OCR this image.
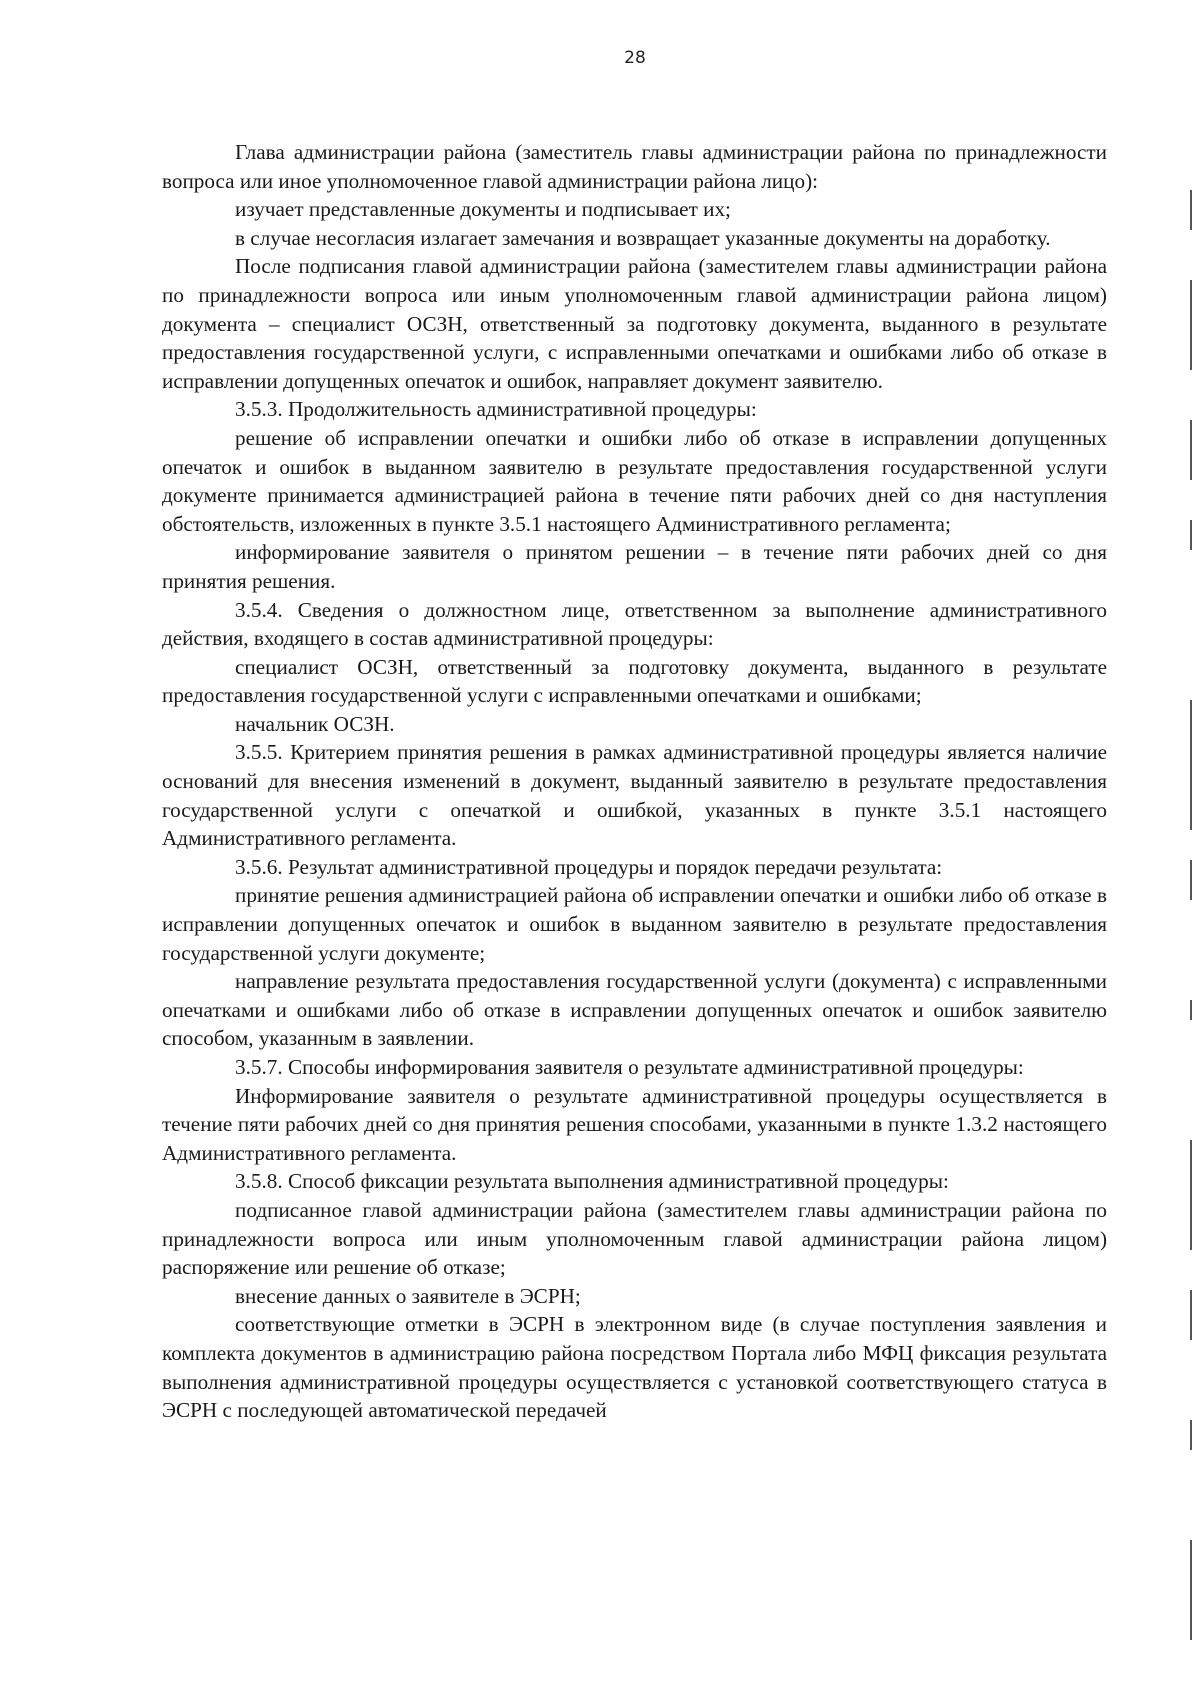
28

Глава администрации района (заместитель главы администрации района по принадлежности вопроса или иное уполномоченное главой администрации района лицо):

изучает представленные документы и подписывает их;

в случае несогласия излагает замечания и возвращает указанные документы на доработку.

После подписания главой администрации района (заместителем главы администрации района по принадлежности вопроса или иным уполномоченным главой администрации района лицом) документа – специалист ОСЗН, ответственный за подготовку документа, выданного в результате предоставления государственной услуги, с исправленными опечатками и ошибками либо об отказе в исправлении допущенных опечаток и ошибок, направляет документ заявителю.

3.5.3. Продолжительность административной процедуры:

решение об исправлении опечатки и ошибки либо об отказе в исправлении допущенных опечаток и ошибок в выданном заявителю в результате предоставления государственной услуги документе принимается администрацией района в течение пяти рабочих дней со дня наступления обстоятельств, изложенных в пункте 3.5.1 настоящего Административного регламента;

информирование заявителя о принятом решении – в течение пяти рабочих дней со дня принятия решения.

3.5.4. Сведения о должностном лице, ответственном за выполнение административного действия, входящего в состав административной процедуры:

специалист ОСЗН, ответственный за подготовку документа, выданного в результате предоставления государственной услуги с исправленными опечатками и ошибками;

начальник ОСЗН.

3.5.5. Критерием принятия решения в рамках административной процедуры является наличие оснований для внесения изменений в документ, выданный заявителю в результате предоставления государственной услуги с опечаткой и ошибкой, указанных в пункте 3.5.1 настоящего Административного регламента.

3.5.6. Результат административной процедуры и порядок передачи результата:

принятие решения администрацией района об исправлении опечатки и ошибки либо об отказе в исправлении допущенных опечаток и ошибок в выданном заявителю в результате предоставления государственной услуги документе;

направление результата предоставления государственной услуги (документа) с исправленными опечатками и ошибками либо об отказе в исправлении допущенных опечаток и ошибок заявителю способом, указанным в заявлении.

3.5.7. Способы информирования заявителя о результате административной процедуры:

Информирование заявителя о результате административной процедуры осуществляется в течение пяти рабочих дней со дня принятия решения способами, указанными в пункте 1.3.2 настоящего Административного регламента.

3.5.8. Способ фиксации результата выполнения административной процедуры:

подписанное главой администрации района (заместителем главы администрации района по принадлежности вопроса или иным уполномоченным главой администрации района лицом) распоряжение или решение об отказе;

внесение данных о заявителе в ЭСРН;

соответствующие отметки в ЭСРН в электронном виде (в случае поступления заявления и комплекта документов в администрацию района посредством Портала либо МФЦ фиксация результата выполнения административной процедуры осуществляется с установкой соответствующего статуса в ЭСРН с последующей автоматической передачей
